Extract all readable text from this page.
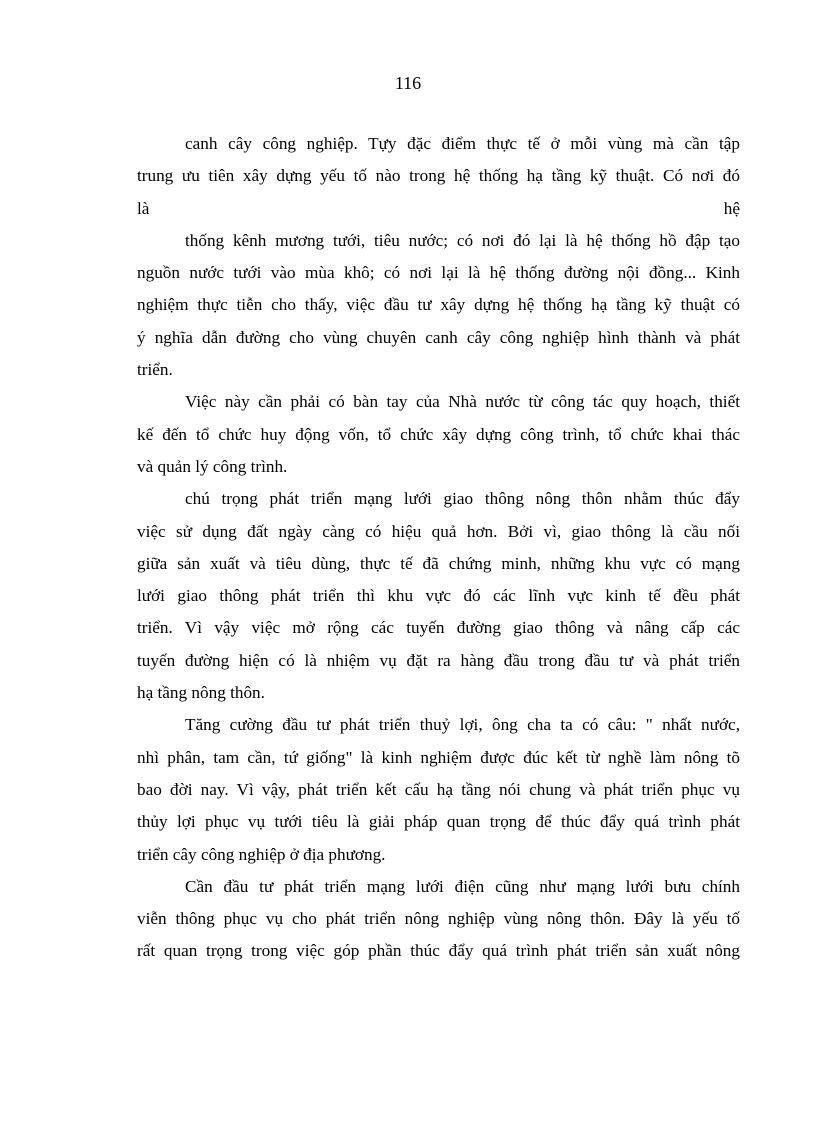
116
canh cây công nghiệp. Tựy đặc điểm thực tế ở mỗi vùng mà cần tập
trung ưu tiên xây dựng yếu tố nào trong hệ thống hạ tầng kỹ thuật. Có nơi đó
là hệ
thống kênh mương tưới, tiêu nước; có nơi đó lại là hệ thống hồ đập tạo
nguồn nước tưới vào mùa khô; có nơi lại là hệ thống đường nội đồng... Kinh
nghiệm thực tiễn cho thấy, việc đầu tư xây dựng hệ thống hạ tầng kỹ thuật có
ý nghĩa dẫn đường cho vùng chuyên canh cây công nghiệp hình thành và phát
triển.
Việc này cần phải có bàn tay của Nhà nước từ công tác quy hoạch, thiết
kế đến tổ chức huy động vốn, tổ chức xây dựng công trình, tổ chức khai thác
và quản lý công trình.
chú trọng phát triển mạng lưới giao thông nông thôn nhằm thúc đẩy
việc sử dụng đất ngày càng có hiệu quả hơn. Bởi vì, giao thông là cầu nối
giữa sản xuất và tiêu dùng, thực tế đã chứng minh, những khu vực có mạng
lưới giao thông phát triển thì khu vực đó các lĩnh vực kinh tế đều phát
triển. Vì vậy việc mở rộng các tuyến đường giao thông và nâng cấp các
tuyến đường hiện có là nhiệm vụ đặt ra hàng đầu trong đầu tư và phát triển
hạ tầng nông thôn.
Tăng cường đầu tư phát triển thuỷ lợi, ông cha ta có câu: " nhất nước,
nhì phân, tam cần, tứ giống" là kinh nghiệm được đúc kết từ nghề làm nông tõ
bao đời nay. Vì vậy, phát triển kết cấu hạ tầng nói chung và phát triển phục vụ
thủy lợi phục vụ tưới tiêu là giải pháp quan trọng để thúc đẩy quá trình phát
triển cây công nghiệp ở địa phương.
Cần đầu tư phát triển mạng lưới điện cũng như mạng lưới bưu chính
viễn thông phục vụ cho phát triển nông nghiệp vùng nông thôn. Đây là yếu tố
rất quan trọng trong việc góp phần thúc đẩy quá trình phát triển sản xuất nông
